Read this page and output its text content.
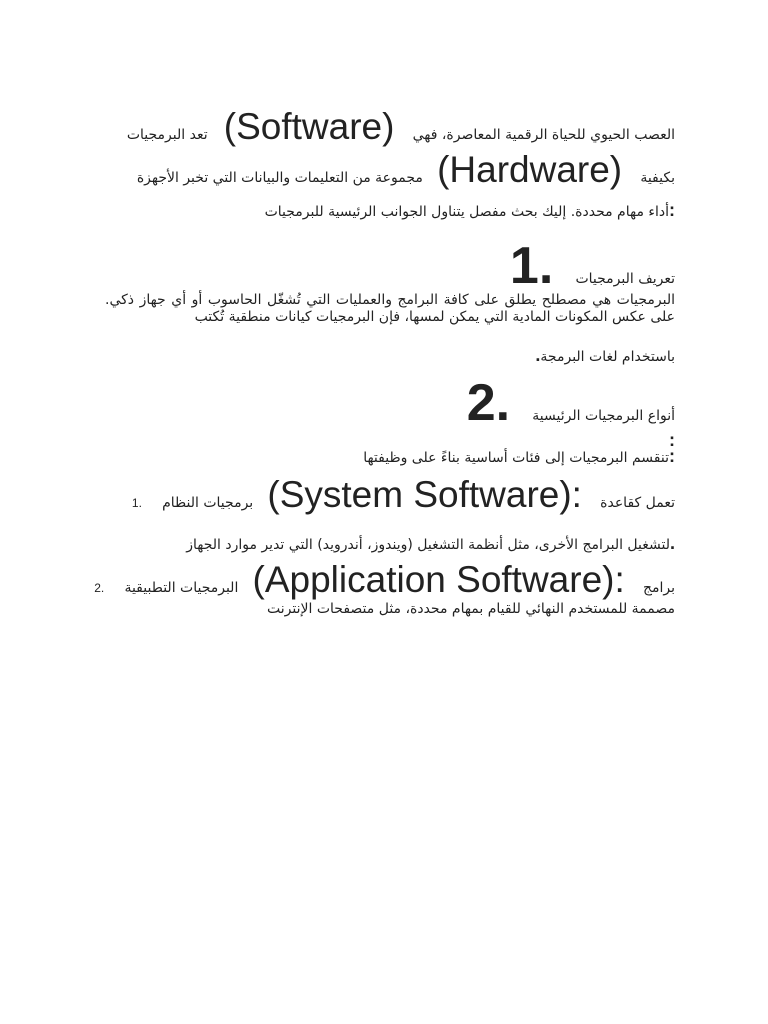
العصب الحيوي للحياة الرقمية المعاصرة، فهي  (Software)  تعد البرمجيات
بكيفية  (Hardware)  مجموعة من التعليمات والبيانات التي تخبر الأجهزة
:أداء مهام محددة. إليك بحث مفصل يتناول الجوانب الرئيسية للبرمجيات
تعريف البرمجيات  1.
البرمجيات هي مصطلح يطلق على كافة البرامج والعمليات التي تُشغّل الحاسوب أو أي جهاز ذكي. على عكس المكونات المادية التي يمكن لمسها، فإن البرمجيات كيانات منطقية تُكتب
باستخدام لغات البرمجة.
أنواع البرمجيات الرئيسية  2.
:
:تنقسم البرمجيات إلى فئات أساسية بناءً على وظيفتها
تعمل كقاعدة  (System Software):  برمجيات النظام  1.
.لتشغيل البرامج الأخرى، مثل أنظمة التشغيل (ويندوز، أندرويد) التي تدير موارد الجهاز
برامج  (Application Software):  البرمجيات التطبيقية  2.
مصممة للمستخدم النهائي للقيام بمهام محددة، مثل متصفحات الإنترنت
